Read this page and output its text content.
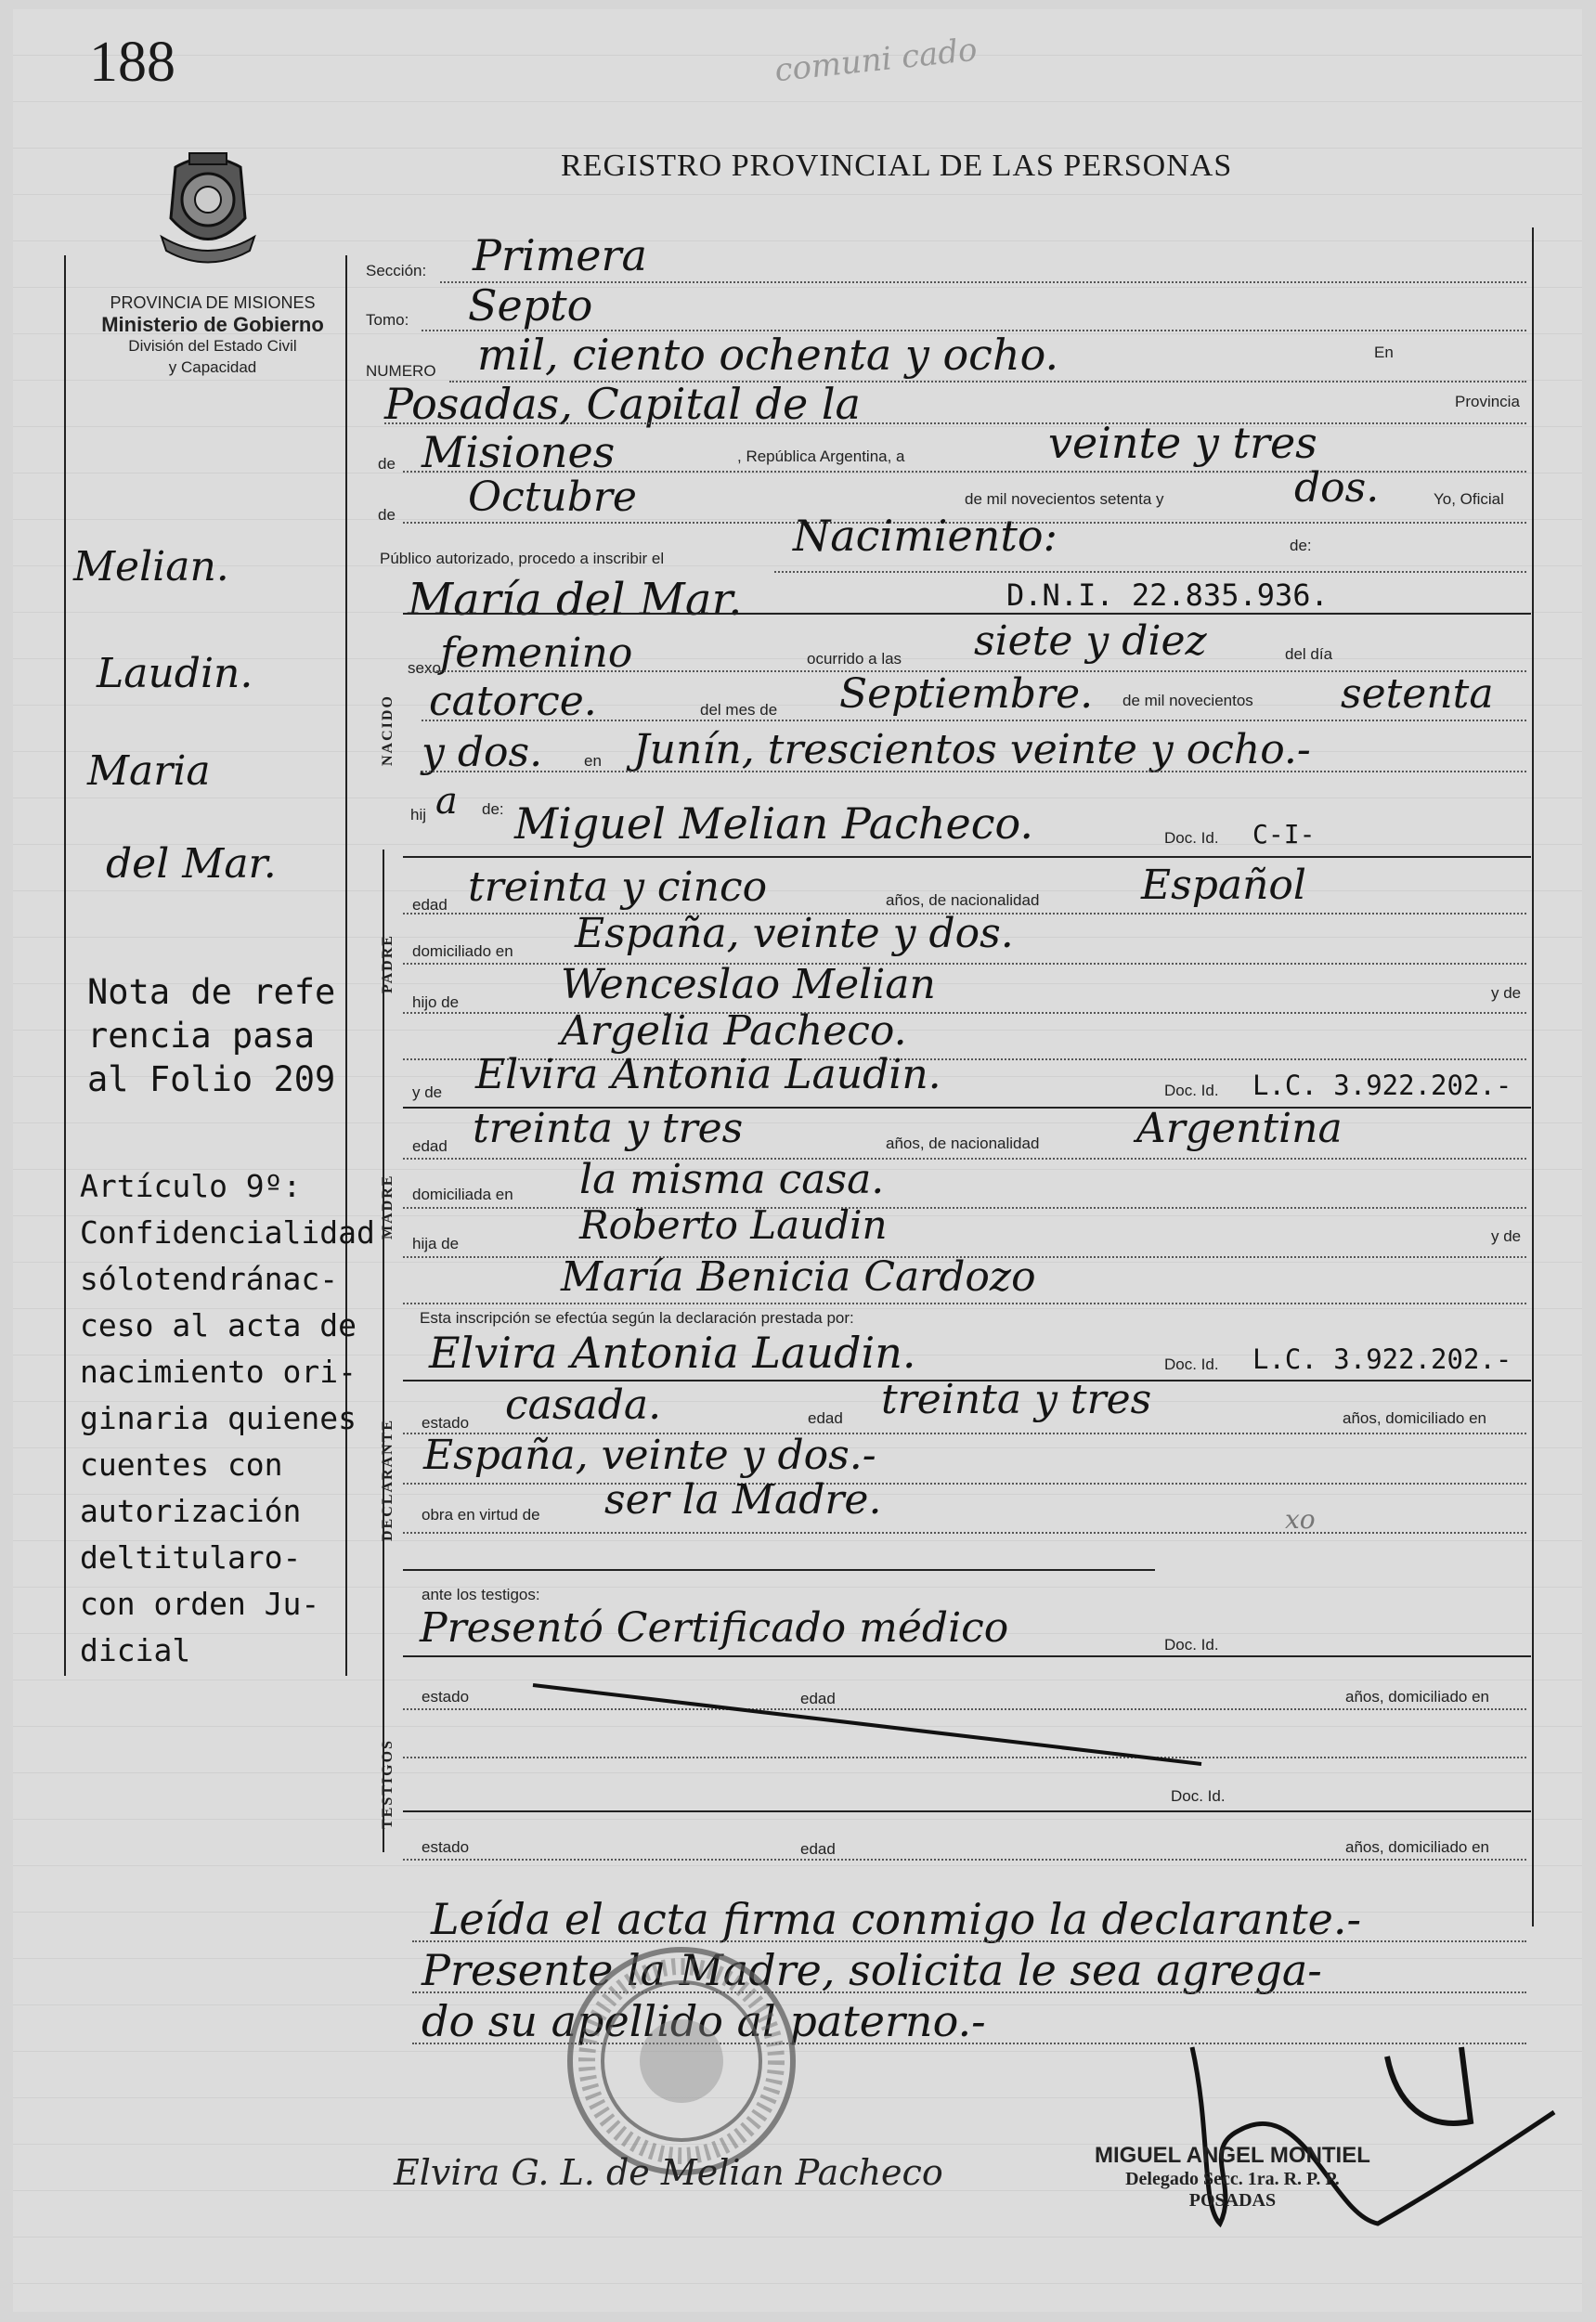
188	comuni cado
REGISTRO PROVINCIAL DE LAS PERSONAS
PROVINCIA DE MISIONES
Ministerio de Gobierno
División del Estado Civil
y Capacidad
Melian.
Laudin.
Maria
del Mar.
Nota de refe
rencia pasa
al Folio 209
Artículo 9º:
Confidencialidad
sólotendránac-
ceso al acta de
nacimiento ori-
ginaria quienes
cuentes con
autorización
deltitularo-
con orden Ju-
dicial
Sección: Primera
Tomo: Septo
NUMERO mil, ciento ochenta y ocho.	En
Posadas, Capital de la	Provincia
de Misiones	, República Argentina, a	veinte y tres
de Octubre	de mil novecientos setenta y	dos.	Yo, Oficial
Público autorizado, procedo a inscribir el	Nacimiento:	de:
NACIDO
María del Mar.	D.N.I. 22.835.936.
sexo femenino	ocurrido a las siete y diez	del día
catorce.	del mes de Septiembre. de mil novecientos setenta
y dos.	en Junín, trescientos veinte y ocho.-
hij a de: Miguel Melian Pacheco.	Doc. Id. C-I-
PADRE
edad treinta y cinco	años, de nacionalidad Español
domiciliado en España, veinte y dos.
hijo de Wenceslao Melian	y de
Argelia Pacheco.
y de Elvira Antonia Laudin.	Doc. Id. L.C. 3.922.202.-
MADRE
edad treinta y tres	años, de nacionalidad Argentina
domiciliada en la misma casa.
hija de	Roberto Laudin	y de
María Benicia Cardozo
Esta inscripción se efectúa según la declaración prestada por:
Elvira Antonia Laudin.	Doc. Id. L.C. 3.922.202.-
DECLARANTE estado casada.	edad treinta y tres	años, domiciliado en
España, veinte y dos.-
obra en virtud de ser la Madre.	xo
ante los testigos:
Presentó Certificado médico	Doc. Id.
TESTIGOS
estado	edad	años, domiciliado en
Doc. Id.
estado	edad	años, domiciliado en
Leída el acta firma conmigo la declarante.-
Presente la Madre, solicita le sea agrega-
do su apellido al paterno.-
Elvira G. L. de Melian Pacheco	MIGUEL ANGEL MONTIEL
Delegado Secc. 1ra. R. P. P.
POSADAS
